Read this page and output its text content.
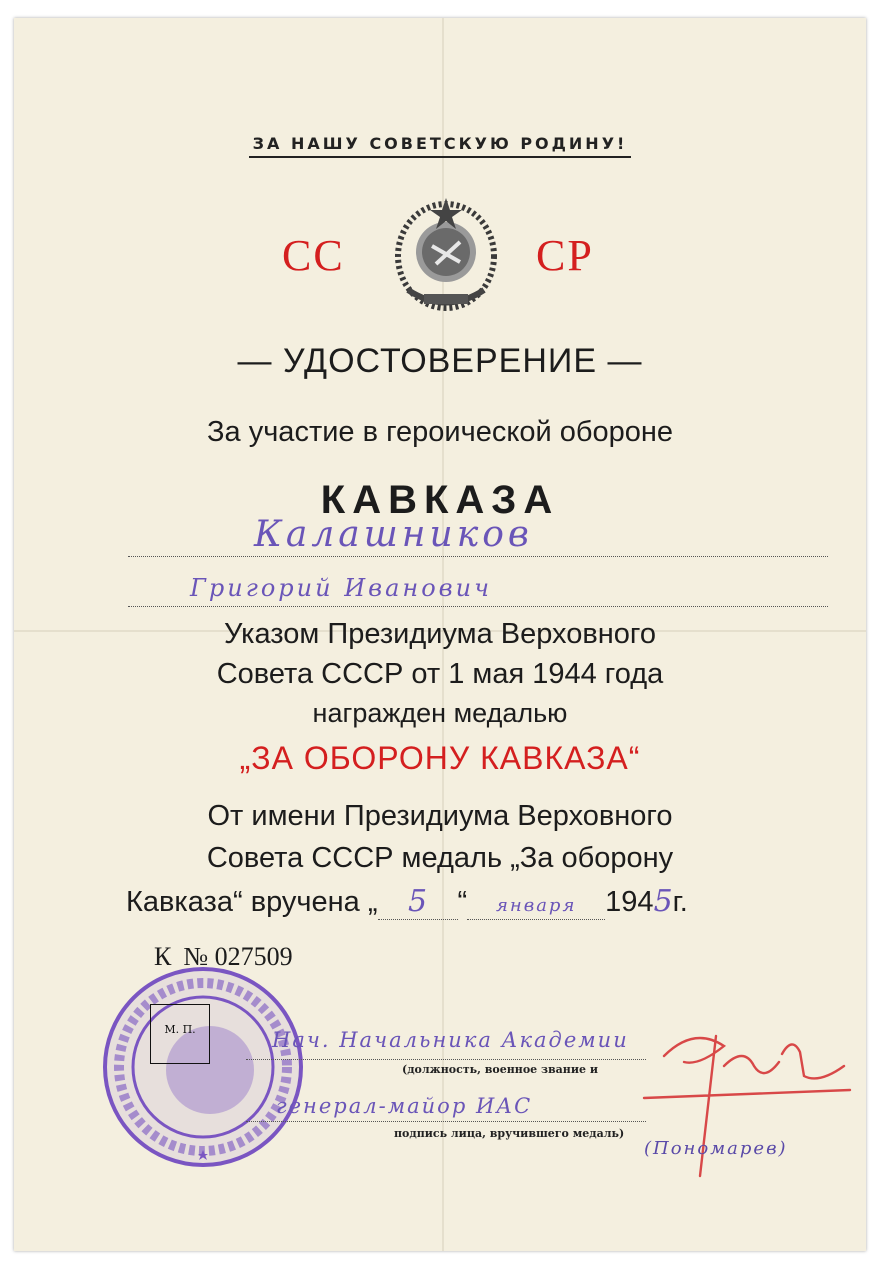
ЗА НАШУ СОВЕТСКУЮ РОДИНУ!
СС	СР
— УДОСТОВЕРЕНИЕ —
За участие в героической обороне
КАВКАЗА
Калашников
Григорий Иванович
Указом Президиума Верховного
Совета СССР от 1 мая 1944 года
награжден медалью
„ЗА ОБОРОНУ КАВКАЗА“
От имени Президиума Верховного
Совета СССР медаль „За оборону
Кавказа“ вручена „ 5 “ января 1945г.
К № 027509
М. П.	Нач. Начальника Академии
(должность, военное звание и
генерал-майор ИАС
подпись лица, вручившего медаль)
(Пономарев)
